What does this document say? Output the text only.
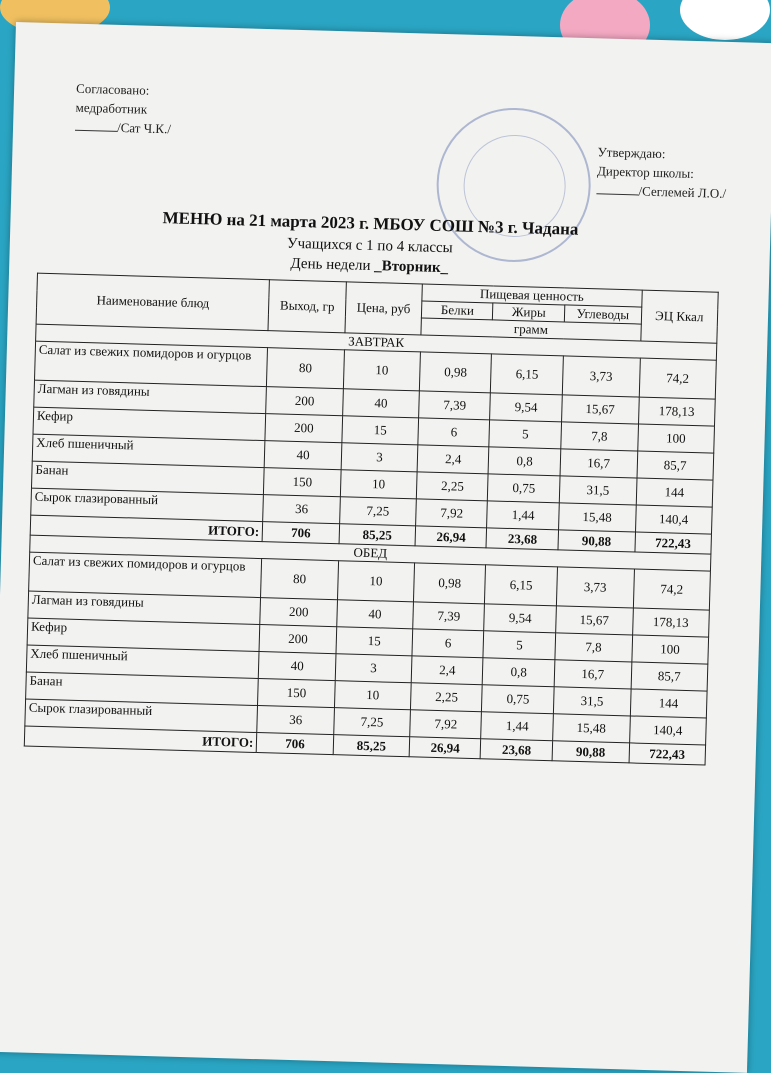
Согласовано:
медработник
/Сат Ч.К./
Утверждаю:
Директор школы:
/Сеглемей Л.О./
МЕНЮ на 21 марта 2023 г. МБОУ СОШ №3 г. Чадана
Учащихся с 1 по 4 классы
День недели _Вторник_
Наименование блюд	Выход, гр	Цена, руб	Пищевая ценность			ЭЦ Ккал
			Белки	Жиры	Углеводы	
			грамм			
ЗАВТРАК						
Салат из свежих помидоров и огурцов	80	10	0,98	6,15	3,73	74,2
Лагман из говядины	200	40	7,39	9,54	15,67	178,13
Кефир	200	15	6	5	7,8	100
Хлеб пшеничный	40	3	2,4	0,8	16,7	85,7
Банан	150	10	2,25	0,75	31,5	144
Сырок глазированный	36	7,25	7,92	1,44	15,48	140,4
ИТОГО:	706	85,25	26,94	23,68	90,88	722,43
ОБЕД						
Салат из свежих помидоров и огурцов	80	10	0,98	6,15	3,73	74,2
Лагман из говядины	200	40	7,39	9,54	15,67	178,13
Кефир	200	15	6	5	7,8	100
Хлеб пшеничный	40	3	2,4	0,8	16,7	85,7
Банан	150	10	2,25	0,75	31,5	144
Сырок глазированный	36	7,25	7,92	1,44	15,48	140,4
ИТОГО:	706	85,25	26,94	23,68	90,88	722,43
